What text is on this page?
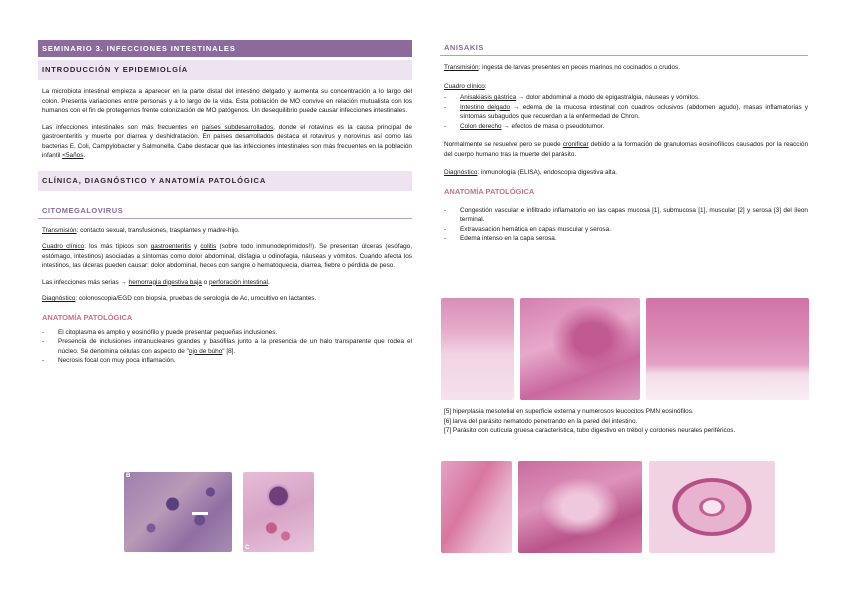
SEMINARIO 3. INFECCIONES INTESTINALES
INTRODUCCIÓN Y EPIDEMIOLGÍA

La microbiota intestinal empieza a aparecer en la parte distal del intestino delgado y aumenta su concentración a lo largo del colon. Presenta variaciones entre personas y a lo largo de la vida. Esta población de MO convive en relación mutualista con los humanos con el fin de protegernos frente colonización de MO patógenos. Un desequilibrio puede causar infecciones intestinales.

Las infecciones intestinales son más frecuentes en países subdesarrollados, donde el rotavirus es la causa principal de gastroenteritis y muerte por diarrea y deshidratación. En países desarrollados destaca el rotavirus y norovirus así como las bacterias E. Coli, Campylobacter y Salmonella. Cabe destacar que las infecciones intestinales son más frecuentes en la población infantil <5años.

CLÍNICA, DIAGNÓSTICO Y ANATOMÍA PATOLÓGICA
CITOMEGALOVIRUS

Transmisión: contacto sexual, transfusiones, trasplantes y madre-hijo.

Cuadro clínico: los más típicos son gastroenteritis y colitis (sobre todo inmunodeprimidos!!). Se presentan úlceras (esófago, estómago, intestinos) asociadas a síntomas como dolor abdominal, disfagia u odinofagia, náuseas y vómitos. Cuando afecta los intestinos, las úlceras pueden causar: dolor abdominal, heces con sangre o hematoquecia, diarrea, fiebre o pérdida de peso.

Las infecciones más serias → hemorragia digestiva baja o perforación intestinal.

Diagnóstico: colonoscopia/EGD con biopsia, pruebas de serología de Ac, urocultivo en lactantes.

ANATOMÍA PATOLÓGICA
- El citoplasma es amplio y eosinófilo y puede presentar pequeñas inclusiones.
- Presencia de inclusiones intranucleares grandes y basófilas junto a la presencia de un halo transparente que rodea el núcleo. Se denomina células con aspecto de "ojo de búho" [8].
- Necrosis focal con muy poca inflamación.
B
C
ANISAKIS

Transmisión: ingesta de larvas presentes en peces marinos no cocinados o crudos.

Cuadro clínico:

- Anisakiasis gástrica → dolor abdominal a modo de epigastralgia, náuseas y vómitos.
- Intestino delgado → edema de la mucosa intestinal con cuadros oclusivos (abdomen agudo), masas inflamatorias y síntomas subagudos que recuerdan a la enfermedad de Chron.
- Colon derecho → efectos de masa o pseudotumor.

Normalmente se resuelve pero se puede cronificar debido a la formación de granulomas eosinofílicos causados por la reacción del cuerpo humano tras la muerte del parásito.

Diagnóstico: inmunología (ELISA), endoscopia digestiva alta.

ANATOMÍA PATOLÓGICA
- Congestión vascular e infiltrado inflamatorio en las capas mucosa [1], submucosa [1], muscular [2] y serosa [3] del íleon terminal.
- Extravasación hemática en capas muscular y serosa.
- Edema intenso en la capa serosa.

[5] hiperplasia mesotelial en superficie externa y numerosos leucocitos PMN eosinófilos.

[6] larva del parásito nematodo penetrando en la pared del intestino.

[7] Parásito con cutícula gruesa característica, tubo digestivo en trébol y cordones neurales periféricos.
